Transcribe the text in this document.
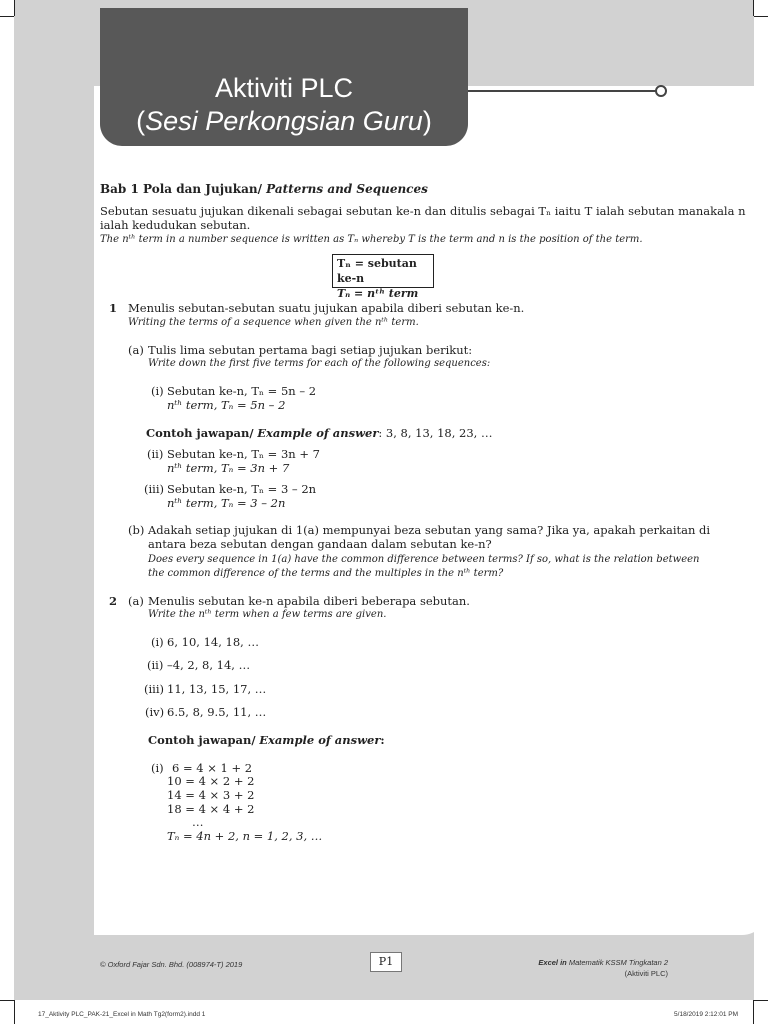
Aktiviti PLC
(Sesi Perkongsian Guru)
Bab 1 Pola dan Jujukan/ Patterns and Sequences
Sebutan sesuatu jujukan dikenali sebagai sebutan ke-n dan ditulis sebagai Tₙ iaitu T ialah sebutan manakala n
ialah kedudukan sebutan.
The nᵗʰ term in a number sequence is written as Tₙ whereby T is the term and n is the position of the term.
Tₙ = sebutan ke-n
Tₙ = nᵗʰ term
1 Menulis sebutan-sebutan suatu jujukan apabila diberi sebutan ke-n.
Writing the terms of a sequence when given the nᵗʰ term.
(a) Tulis lima sebutan pertama bagi setiap jujukan berikut:
Write down the first five terms for each of the following sequences:
(i) Sebutan ke-n, Tₙ = 5n – 2
nᵗʰ term, Tₙ = 5n – 2
Contoh jawapan/ Example of answer: 3, 8, 13, 18, 23, …
(ii) Sebutan ke-n, Tₙ = 3n + 7
nᵗʰ term, Tₙ = 3n + 7
(iii) Sebutan ke-n, Tₙ = 3 – 2n
nᵗʰ term, Tₙ = 3 – 2n
(b) Adakah setiap jujukan di 1(a) mempunyai beza sebutan yang sama? Jika ya, apakah perkaitan di
antara beza sebutan dengan gandaan dalam sebutan ke-n?
Does every sequence in 1(a) have the common difference between terms? If so, what is the relation between
the common difference of the terms and the multiples in the nᵗʰ term?
2 (a) Menulis sebutan ke-n apabila diberi beberapa sebutan.
Write the nᵗʰ term when a few terms are given.
(i) 6, 10, 14, 18, …
(ii) –4, 2, 8, 14, …
(iii) 11, 13, 15, 17, …
(iv) 6.5, 8, 9.5, 11, …
Contoh jawapan/ Example of answer:
(i) 6 = 4 × 1 + 2
10 = 4 × 2 + 2
14 = 4 × 3 + 2
18 = 4 × 4 + 2
…
Tₙ = 4n + 2, n = 1, 2, 3, …
© Oxford Fajar Sdn. Bhd. (008974-T) 2019	P1	Excel in Matematik KSSM Tingkatan 2
(Aktiviti PLC)
17_Aktivity PLC_PAK-21_Excel in Math Tg2(form2).indd 1	5/18/2019 2:12:01 PM
